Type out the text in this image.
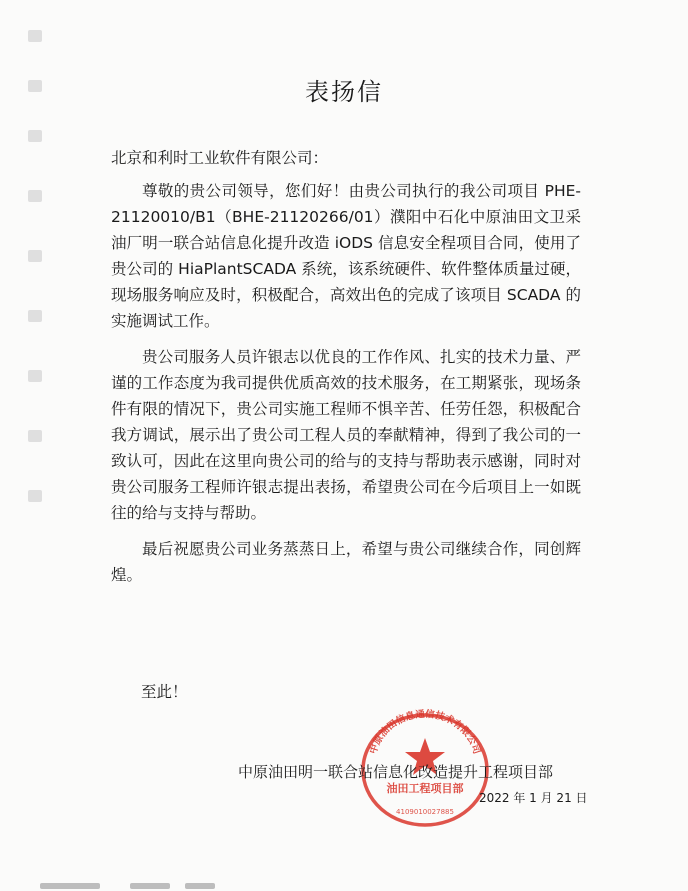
表扬信
北京和利时工业软件有限公司：

尊敬的贵公司领导，您们好！由贵公司执行的我公司项目 PHE-21120010/B1（BHE-21120266/01）濮阳中石化中原油田文卫采油厂明一联合站信息化提升改造 iODS 信息安全程项目合同，使用了贵公司的 HiaPlantSCADA 系统，该系统硬件、软件整体质量过硬，现场服务响应及时，积极配合，高效出色的完成了该项目 SCADA 的实施调试工作。

贵公司服务人员许银志以优良的工作作风、扎实的技术力量、严谨的工作态度为我司提供优质高效的技术服务，在工期紧张，现场条件有限的情况下，贵公司实施工程师不惧辛苦、任劳任怨，积极配合我方调试，展示出了贵公司工程人员的奉献精神，得到了我公司的一致认可，因此在这里向贵公司的给与的支持与帮助表示感谢，同时对贵公司服务工程师许银志提出表扬，希望贵公司在今后项目上一如既往的给与支持与帮助。

最后祝愿贵公司业务蒸蒸日上，希望与贵公司继续合作，同创辉煌。

至此！
中原油田信息通信技术有限公司
油田工程项目部
4109010027885
中原油田明一联合站信息化改造提升工程项目部
2022 年 1 月 21 日
